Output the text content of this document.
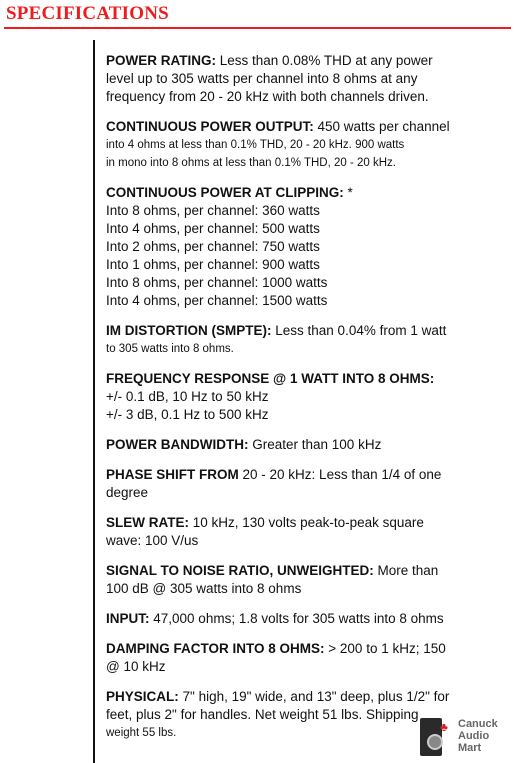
SPECIFICATIONS
POWER RATING: Less than 0.08% THD at any power
level up to 305 watts per channel into 8 ohms at any
frequency from 20 - 20 kHz with both channels driven.
CONTINUOUS POWER OUTPUT: 450 watts per channel
into 4 ohms at less than 0.1% THD, 20 - 20 kHz. 900 watts
in mono into 8 ohms at less than 0.1% THD, 20 - 20 kHz.
CONTINUOUS POWER AT CLIPPING: *
Into 8 ohms, per channel: 360 watts
Into 4 ohms, per channel: 500 watts
Into 2 ohms, per channel: 750 watts
Into 1 ohms, per channel: 900 watts
Into 8 ohms, per channel: 1000 watts
Into 4 ohms, per channel: 1500 watts
IM DISTORTION (SMPTE): Less than 0.04% from 1 watt
to 305 watts into 8 ohms.
FREQUENCY RESPONSE @ 1 WATT INTO 8 OHMS:
+/- 0.1 dB, 10 Hz to 50 kHz
+/- 3 dB, 0.1 Hz to 500 kHz
POWER BANDWIDTH: Greater than 100 kHz
PHASE SHIFT FROM 20 - 20 kHz: Less than 1/4 of one
degree
SLEW RATE: 10 kHz, 130 volts peak-to-peak square
wave: 100 V/us
SIGNAL TO NOISE RATIO, UNWEIGHTED: More than
100 dB @ 305 watts into 8 ohms
INPUT: 47,000 ohms; 1.8 volts for 305 watts into 8 ohms
DAMPING FACTOR INTO 8 OHMS: > 200 to 1 kHz; 150
@ 10 kHz
PHYSICAL: 7" high, 19" wide, and 13" deep, plus 1/2" for
feet, plus 2" for handles. Net weight 51 lbs. Shipping
weight 55 lbs.	♣ Canuck
Audio
Mart
